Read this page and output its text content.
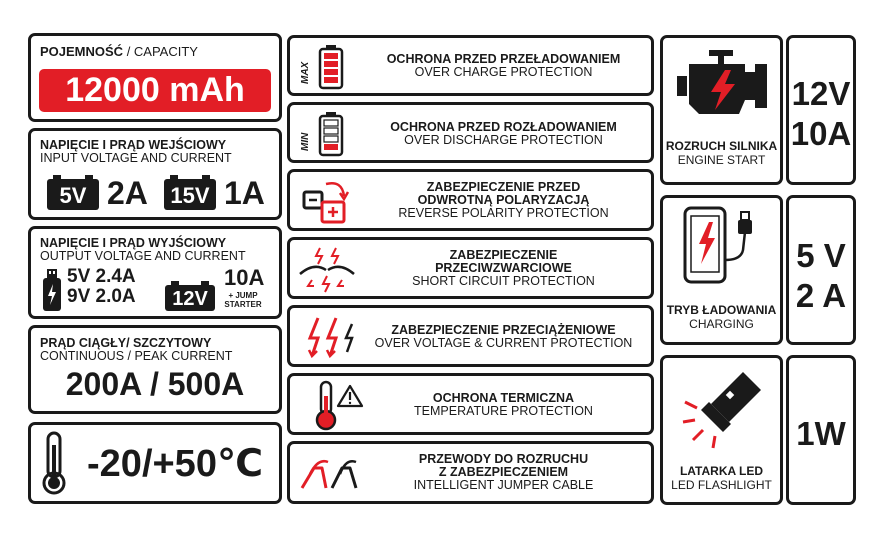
POJEMNOŚĆ / CAPACITY
12000 mAh
NAPIĘCIE I PRĄD WEJŚCIOWY
INPUT VOLTAGE AND CURRENT
5V 2A 15V 1A
NAPIĘCIE I PRĄD WYJŚCIOWY
OUTPUT VOLTAGE AND CURRENT
5V 2.4A
9V 2.0A	12V
10A
+ JUMP
STARTER
PRĄD CIĄGŁY/ SZCZYTOWY
CONTINUOUS / PEAK CURRENT
200A / 500A
-20/+50℃
MAX
OCHRONA PRZED PRZEŁADOWANIEM
OVER CHARGE PROTECTION
MIN
OCHRONA PRZED ROZŁADOWANIEM
OVER DISCHARGE PROTECTION
ZABEZPIECZENIE PRZED
ODWROTNĄ POLARYZACJĄ
REVERSE POLARITY PROTECTION
ZABEZPIECZENIE
PRZECIWZWARCIOWE
SHORT CIRCUIT PROTECTION
ZABEZPIECZENIE PRZECIĄŻENIOWE
OVER VOLTAGE & CURRENT PROTECTION
OCHRONA TERMICZNA
TEMPERATURE PROTECTION
PRZEWODY DO ROZRUCHU
Z ZABEZPIECZENIEM
INTELLIGENT JUMPER CABLE
ROZRUCH SILNIKA
ENGINE START
12V
10A
TRYB ŁADOWANIA
CHARGING
5 V
2 A
LATARKA LED
LED FLASHLIGHT
1W
